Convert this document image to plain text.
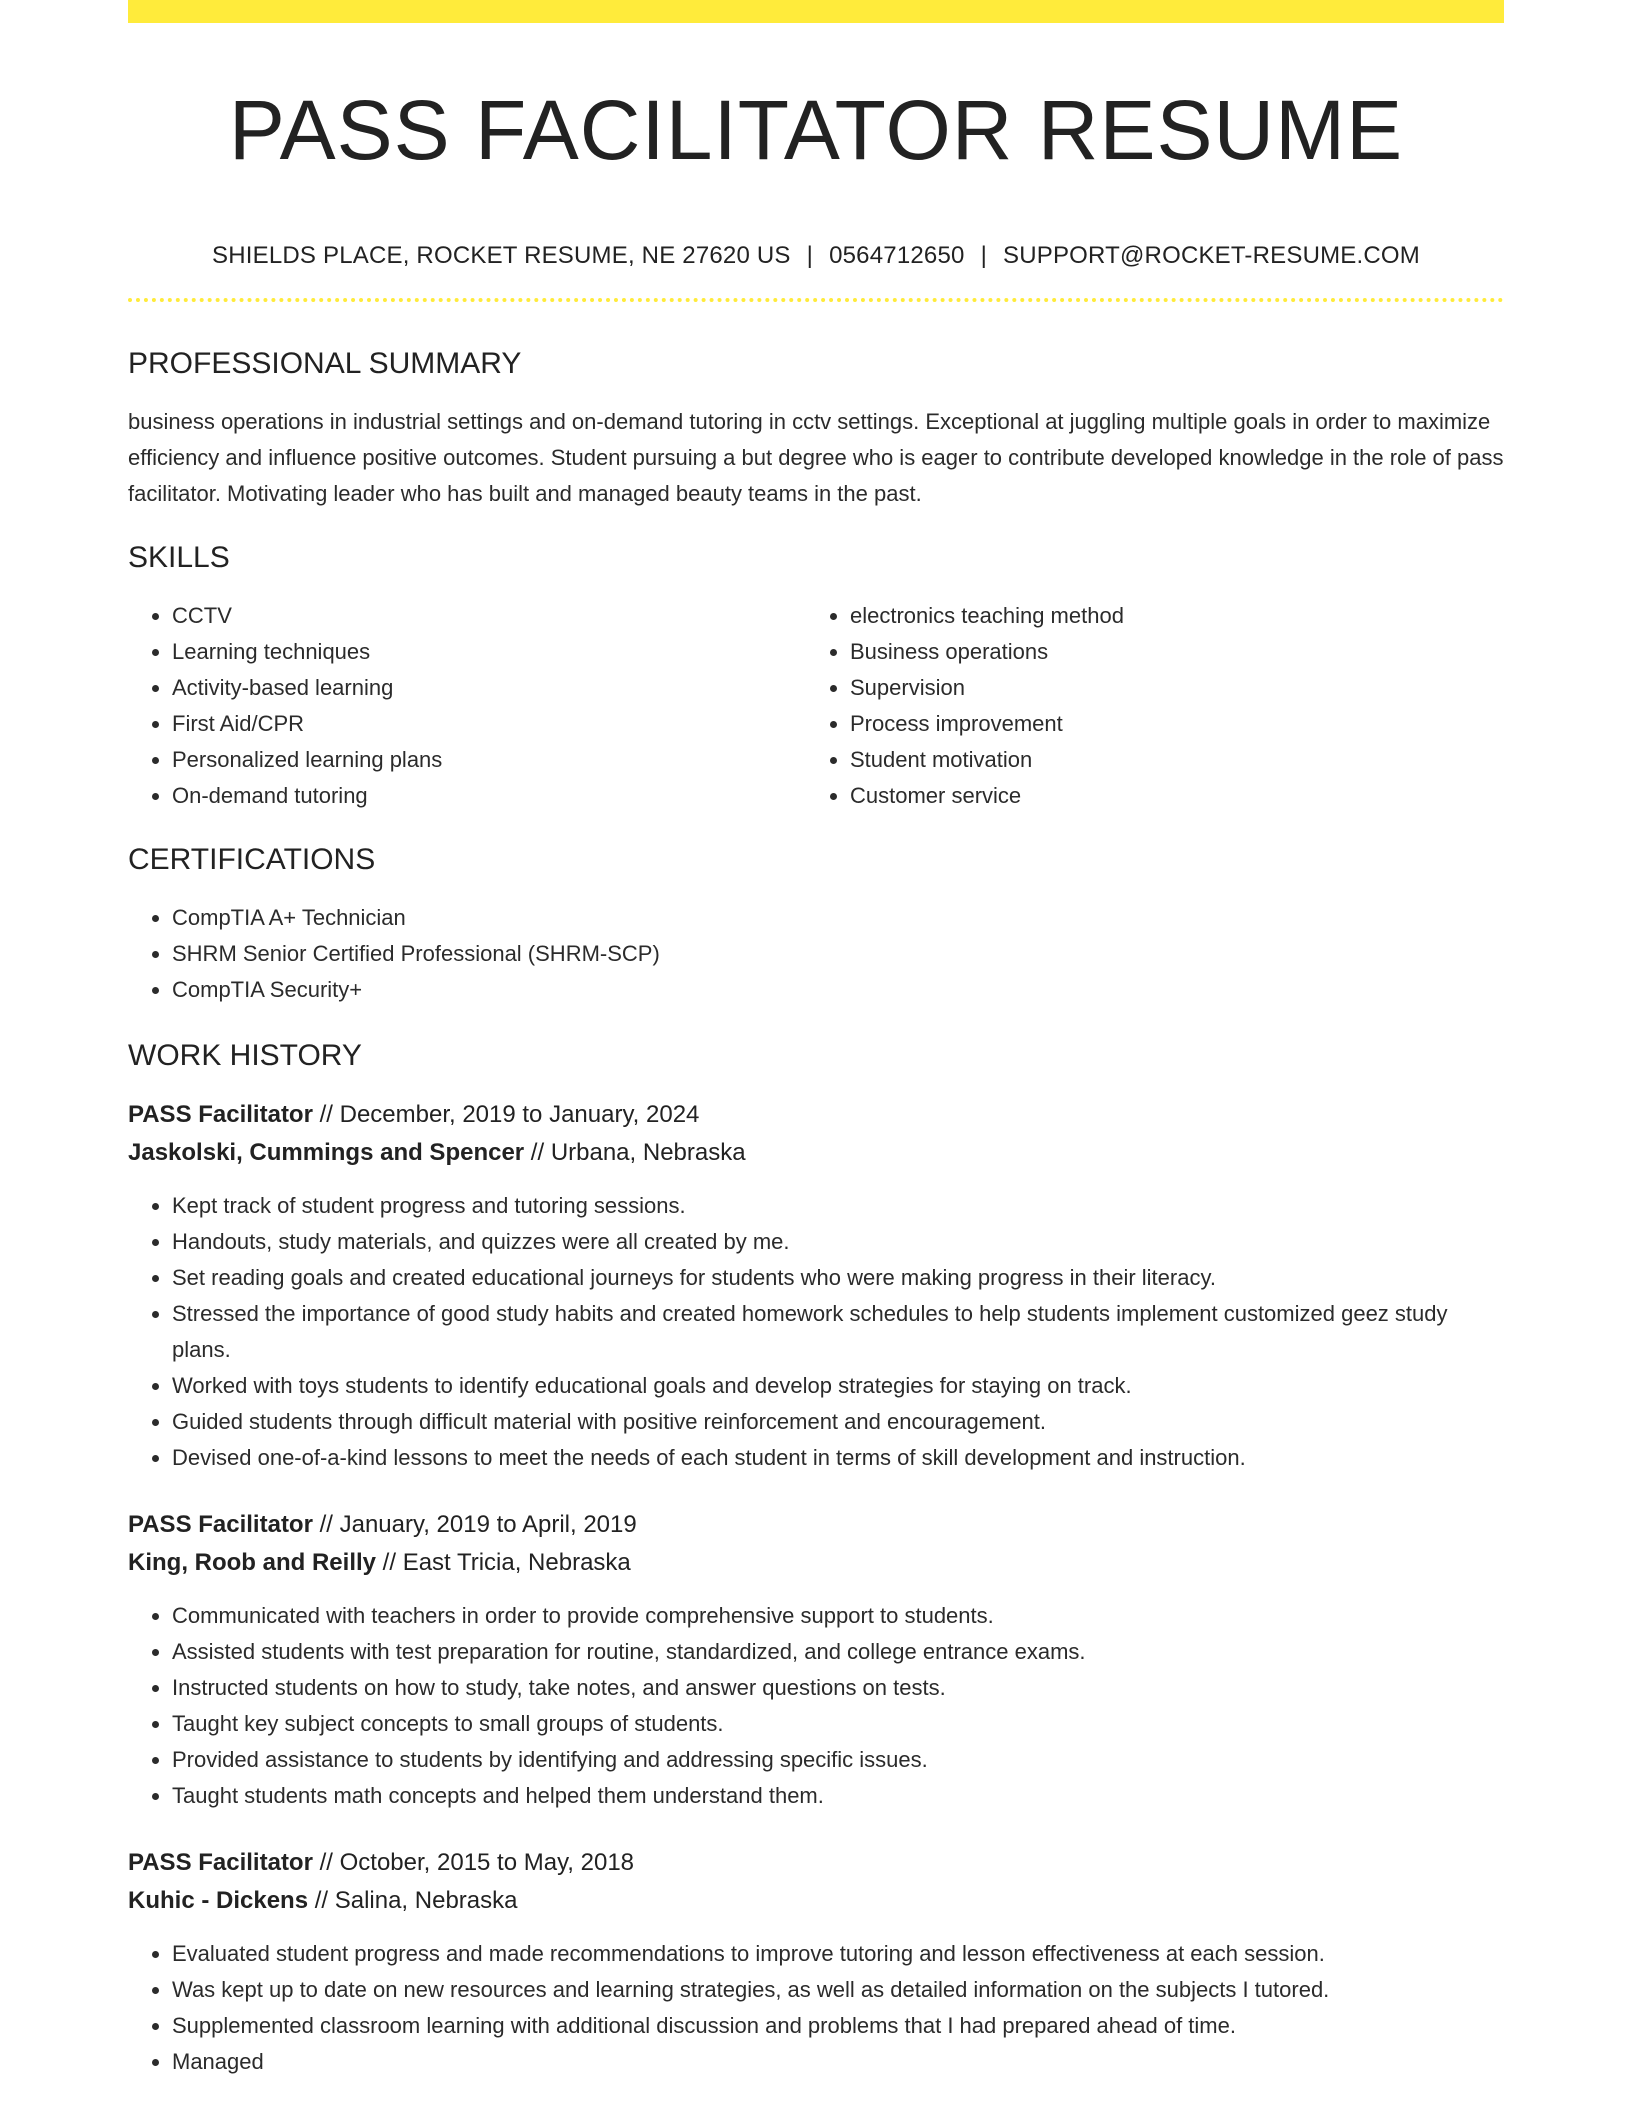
PASS FACILITATOR RESUME
SHIELDS PLACE, ROCKET RESUME, NE 27620 US | 0564712650 | SUPPORT@ROCKET-RESUME.COM
PROFESSIONAL SUMMARY
business operations in industrial settings and on-demand tutoring in cctv settings. Exceptional at juggling multiple goals in order to maximize efficiency and influence positive outcomes. Student pursuing a but degree who is eager to contribute developed knowledge in the role of pass facilitator. Motivating leader who has built and managed beauty teams in the past.
SKILLS
• CCTV
• Learning techniques
• Activity-based learning
• First Aid/CPR
• Personalized learning plans
• On-demand tutoring
• electronics teaching method
• Business operations
• Supervision
• Process improvement
• Student motivation
• Customer service
CERTIFICATIONS
• CompTIA A+ Technician
• SHRM Senior Certified Professional (SHRM-SCP)
• CompTIA Security+
WORK HISTORY
PASS Facilitator // December, 2019 to January, 2024
Jaskolski, Cummings and Spencer // Urbana, Nebraska
• Kept track of student progress and tutoring sessions.
• Handouts, study materials, and quizzes were all created by me.
• Set reading goals and created educational journeys for students who were making progress in their literacy.
• Stressed the importance of good study habits and created homework schedules to help students implement customized geez study plans.
• Worked with toys students to identify educational goals and develop strategies for staying on track.
• Guided students through difficult material with positive reinforcement and encouragement.
• Devised one-of-a-kind lessons to meet the needs of each student in terms of skill development and instruction.
PASS Facilitator // January, 2019 to April, 2019
King, Roob and Reilly // East Tricia, Nebraska
• Communicated with teachers in order to provide comprehensive support to students.
• Assisted students with test preparation for routine, standardized, and college entrance exams.
• Instructed students on how to study, take notes, and answer questions on tests.
• Taught key subject concepts to small groups of students.
• Provided assistance to students by identifying and addressing specific issues.
• Taught students math concepts and helped them understand them.
PASS Facilitator // October, 2015 to May, 2018
Kuhic - Dickens // Salina, Nebraska
• Evaluated student progress and made recommendations to improve tutoring and lesson effectiveness at each session.
• Was kept up to date on new resources and learning strategies, as well as detailed information on the subjects I tutored.
• Supplemented classroom learning with additional discussion and problems that I had prepared ahead of time.
• Managed
